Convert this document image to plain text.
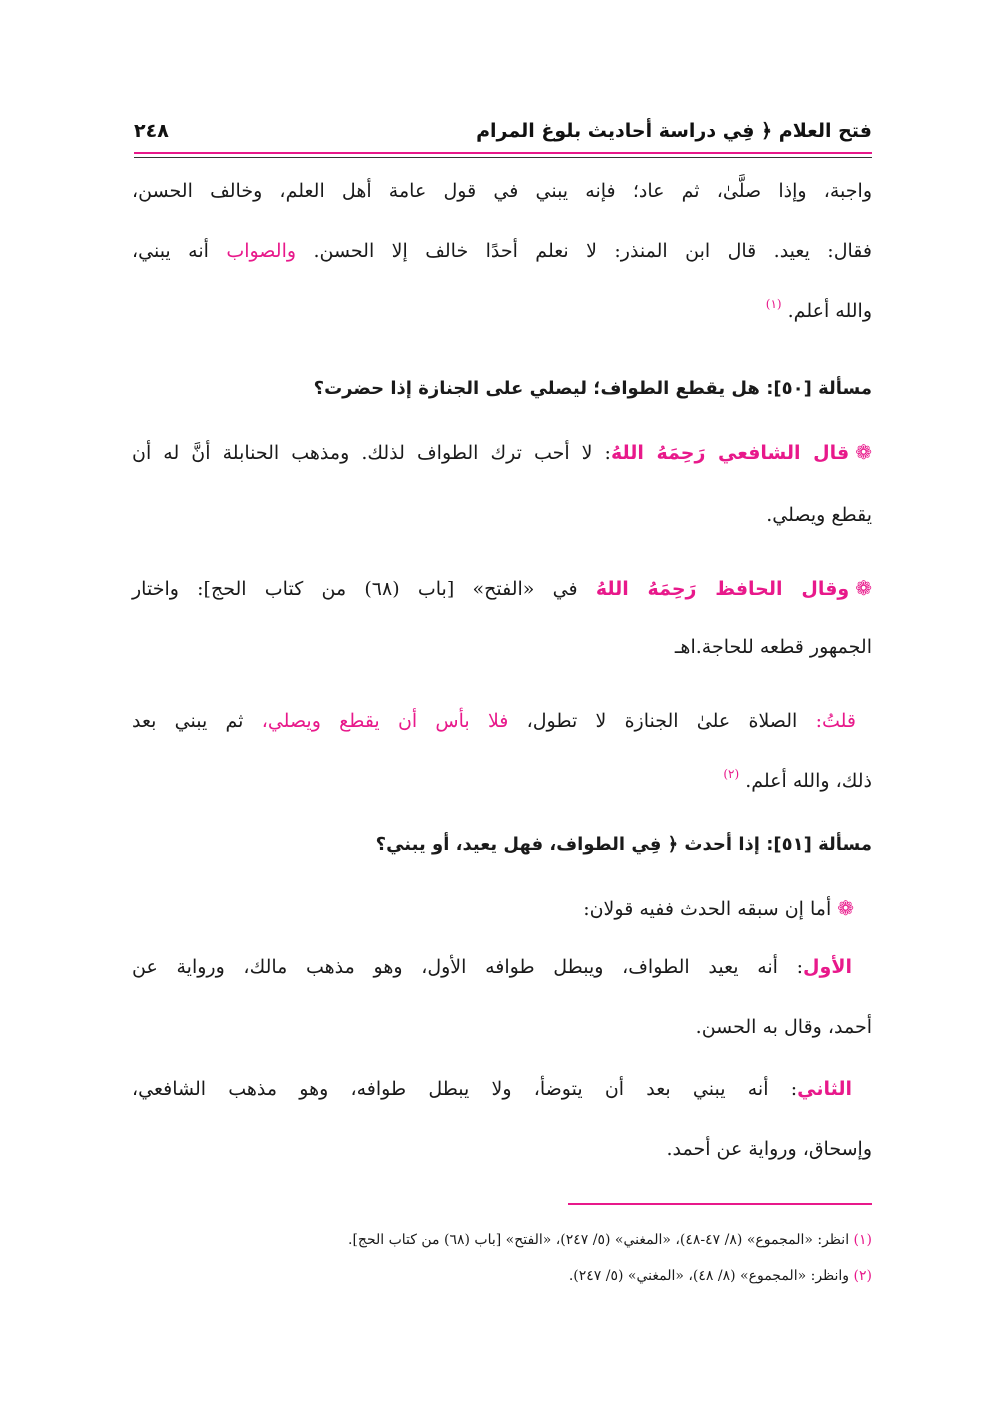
فتح العلام ﴿ فِي دراسة أحاديث بلوغ المرام
٢٤٨
واجبة، وإذا صلَّىٰ، ثم عاد؛ فإنه يبني في قول عامة أهل العلم، وخالف الحسن،
فقال: يعيد. قال ابن المنذر: لا نعلم أحدًا خالف إلا الحسن. والصواب أنه يبني،
والله أعلم. $^{(١)}$
مسألة [٥٠]: هل يقطع الطواف؛ ليصلي على الجنازة إذا حضرت؟
❁قال الشافعي رَحِمَهُ اللهُ: لا أحب ترك الطواف لذلك. ومذهب الحنابلة أنَّ له أن
يقطع ويصلي.
❁وقال الحافظ رَحِمَهُ اللهُ في «الفتح» [باب (٦٨) من كتاب الحج]: واختار
الجمهور قطعه للحاجة.اهـ
قلتُ: الصلاة علىٰ الجنازة لا تطول، فلا بأس أن يقطع ويصلي، ثم يبني بعد
ذلك، والله أعلم. $^{(٢)}$
مسألة [٥١]: إذا أحدث ﴿ فِي الطواف، فهل يعيد، أو يبني؟
❁أما إن سبقه الحدث ففيه قولان:
الأول: أنه يعيد الطواف، ويبطل طوافه الأول، وهو مذهب مالك، ورواية عن
أحمد، وقال به الحسن.
الثاني: أنه يبني بعد أن يتوضأ، ولا يبطل طوافه، وهو مذهب الشافعي،
وإسحاق، ورواية عن أحمد.
(١) انظر: «المجموع» (٨/ ٤٧-٤٨)، «المغني» (٥/ ٢٤٧)، «الفتح» [باب (٦٨) من كتاب الحج].
(٢) وانظر: «المجموع» (٨/ ٤٨)، «المغني» (٥/ ٢٤٧).
